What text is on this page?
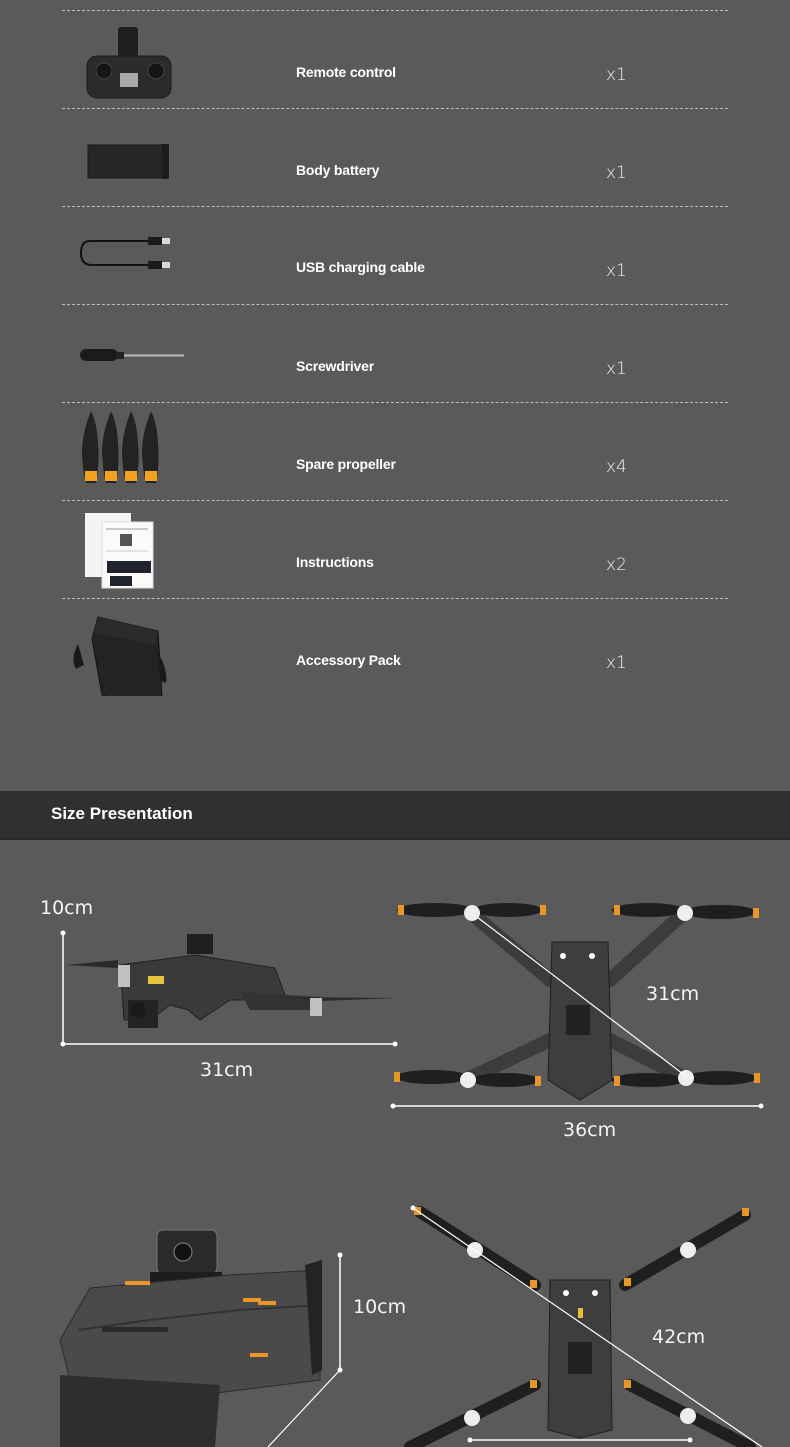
Remote control	x1
Body battery	x1
USB charging cable	x1
Screwdriver	x1
Spare propeller	x4
Instructions	x2
Accessory Pack	x1
Size Presentation
10cm
31cm
31cm
36cm
10cm
42cm
